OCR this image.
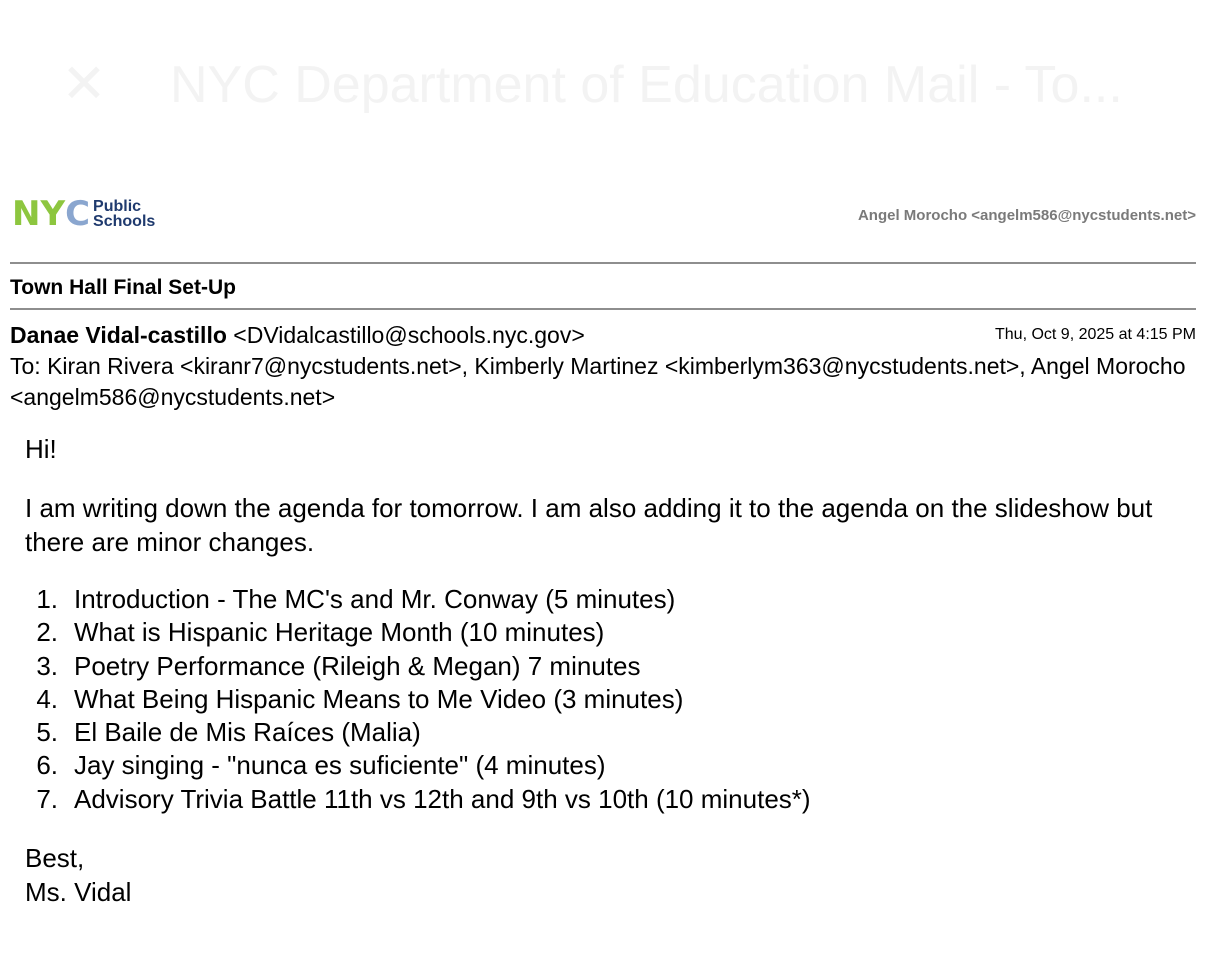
✕ NYC Department of Education Mail - To...
N Y C Public
Schools	Angel Morocho <angelm586@nycstudents.net>
Town Hall Final Set-Up
Danae Vidal-castillo <DVidalcastillo@schools.nyc.gov>	Thu, Oct 9, 2025 at 4:15 PM
To: Kiran Rivera <kiranr7@nycstudents.net>, Kimberly Martinez <kimberlym363@nycstudents.net>, Angel Morocho <angelm586@nycstudents.net>
Hi!
I am writing down the agenda for tomorrow. I am also adding it to the agenda on the slideshow but there are minor changes.
1. Introduction - The MC's and Mr. Conway (5 minutes)
2. What is Hispanic Heritage Month (10 minutes)
3. Poetry Performance (Rileigh & Megan) 7 minutes
4. What Being Hispanic Means to Me Video (3 minutes)
5. El Baile de Mis Raíces (Malia)
6. Jay singing - "nunca es suficiente" (4 minutes)
7. Advisory Trivia Battle 11th vs 12th and 9th vs 10th (10 minutes*)
Best,
Ms. Vidal
